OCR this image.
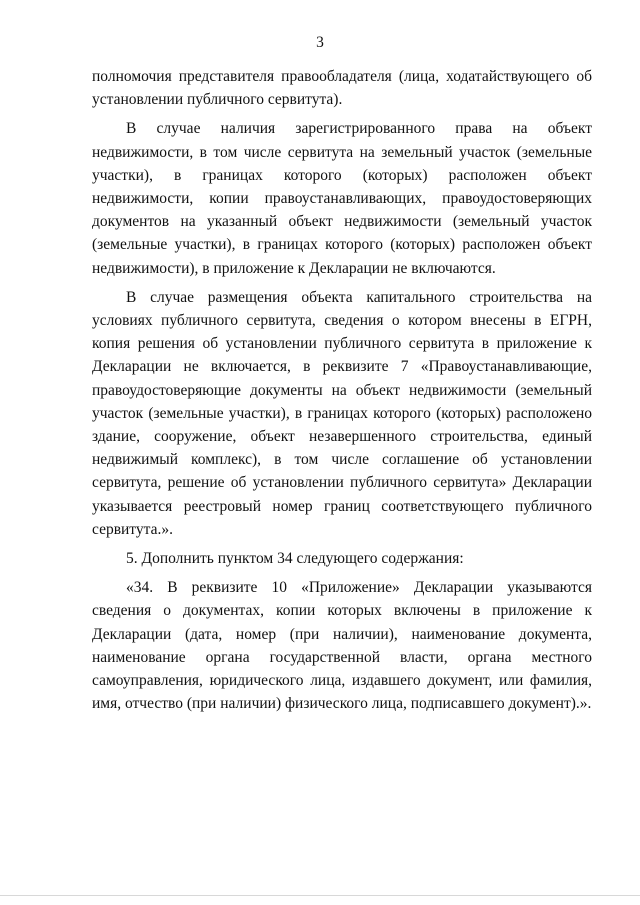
3

полномочия представителя правообладателя (лица, ходатайствующего об установлении публичного сервитута).

В случае наличия зарегистрированного права на объект недвижимости, в том числе сервитута на земельный участок (земельные участки), в границах которого (которых) расположен объект недвижимости, копии правоустанавливающих, правоудостоверяющих документов на указанный объект недвижимости (земельный участок (земельные участки), в границах которого (которых) расположен объект недвижимости), в приложение к Декларации не включаются.

В случае размещения объекта капитального строительства на условиях публичного сервитута, сведения о котором внесены в ЕГРН, копия решения об установлении публичного сервитута в приложение к Декларации не включается, в реквизите 7 «Правоустанавливающие, правоудостоверяющие документы на объект недвижимости (земельный участок (земельные участки), в границах которого (которых) расположено здание, сооружение, объект незавершенного строительства, единый недвижимый комплекс), в том числе соглашение об установлении сервитута, решение об установлении публичного сервитута» Декларации указывается реестровый номер границ соответствующего публичного сервитута.».

5. Дополнить пунктом 34 следующего содержания:

«34. В реквизите 10 «Приложение» Декларации указываются сведения о документах, копии которых включены в приложение к Декларации (дата, номер (при наличии), наименование документа, наименование органа государственной власти, органа местного самоуправления, юридического лица, издавшего документ, или фамилия, имя, отчество (при наличии) физического лица, подписавшего документ).».
